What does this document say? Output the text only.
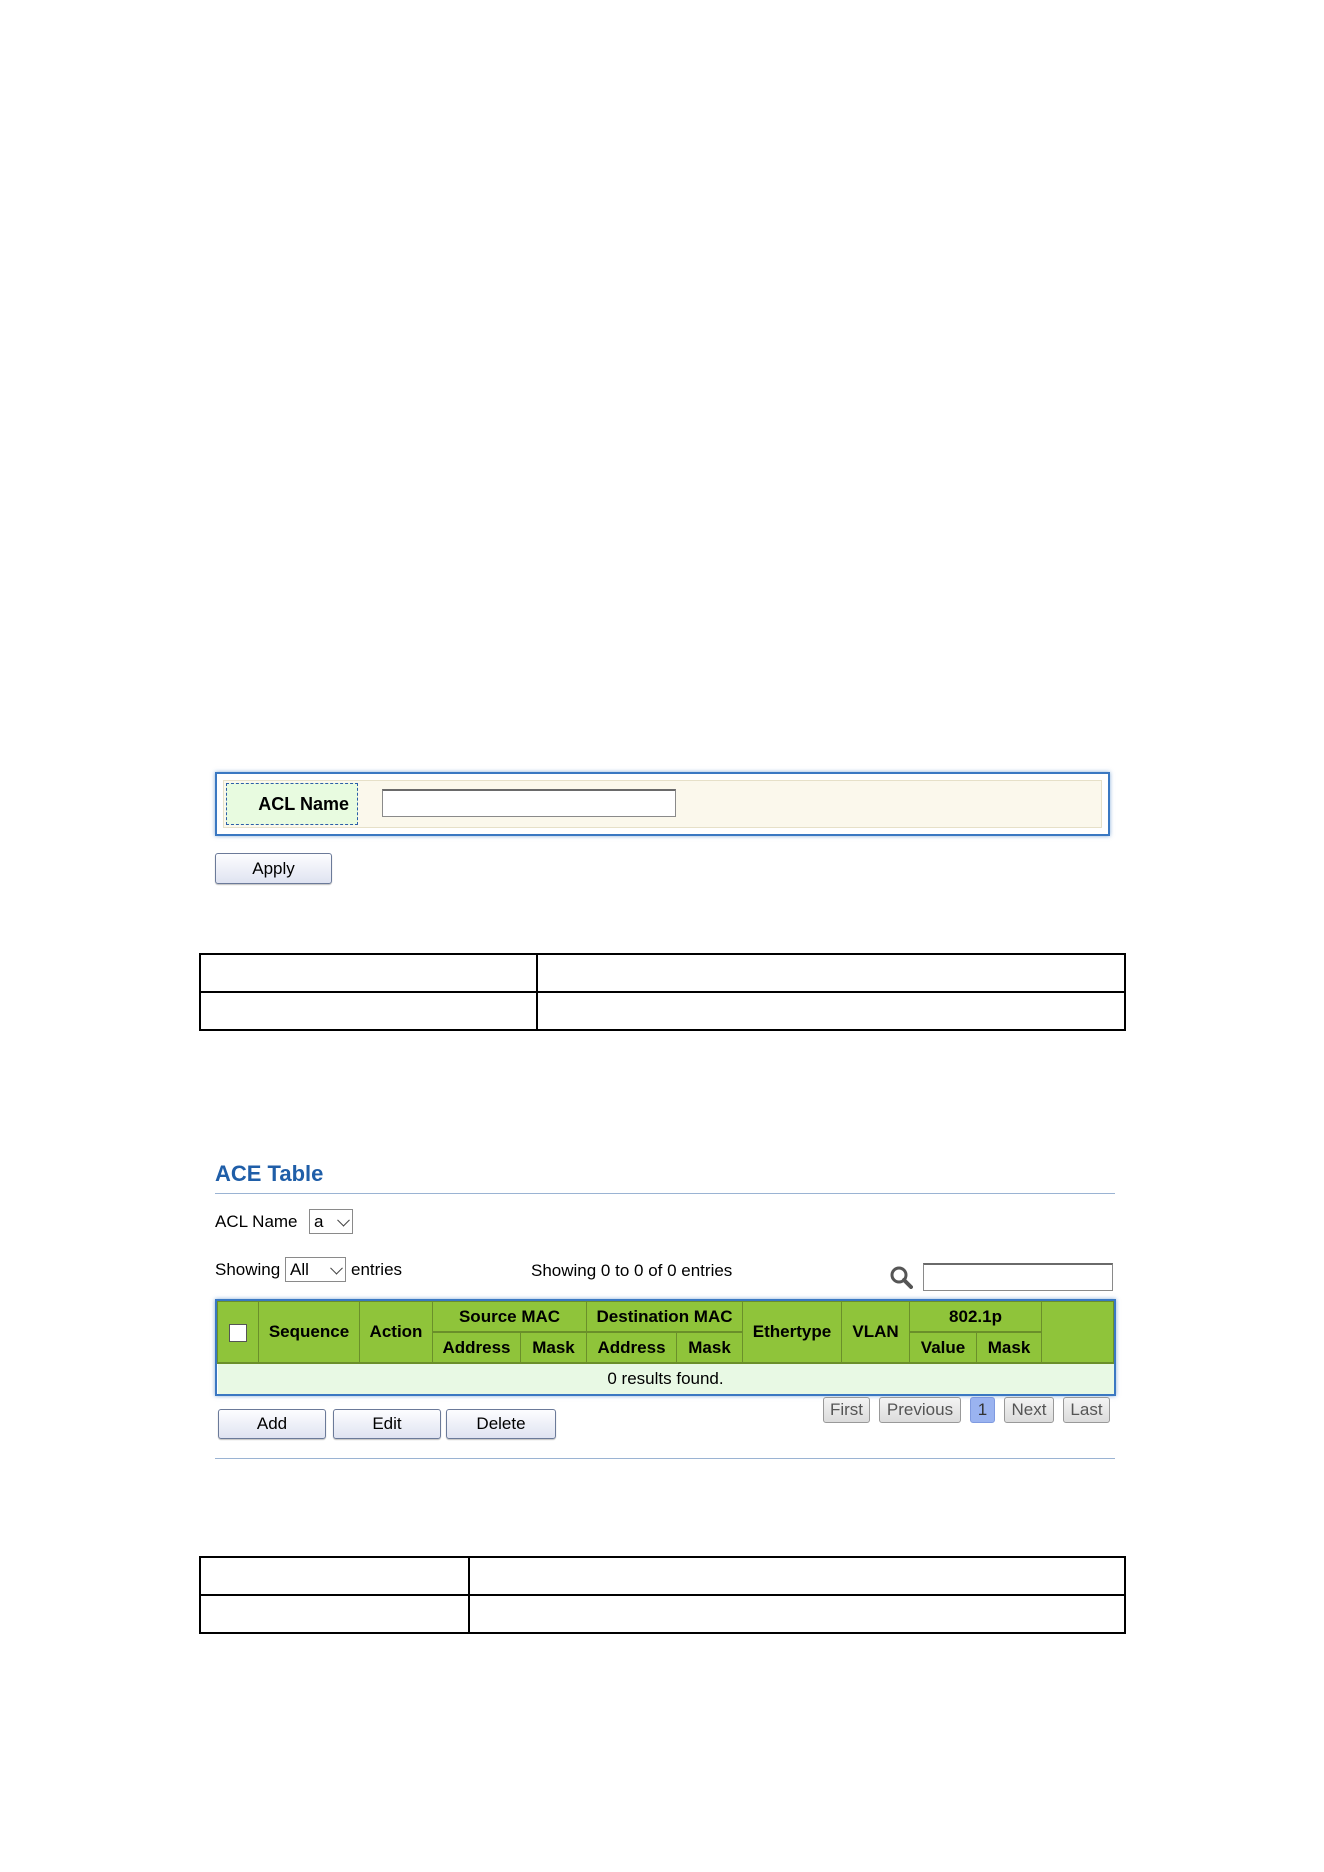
ACL Name
Apply

ACE Table
ACL Name a
Showing All entries	Showing 0 to 0 of 0 entries
	Sequence	Action	Source MAC		Destination MAC		Ethertype	VLAN	802.1p		
			Address	Mask	Address	Mask			Value	Mask	
0 results found.											
Add	Edit	Delete
First	Previous	1	Next	Last
